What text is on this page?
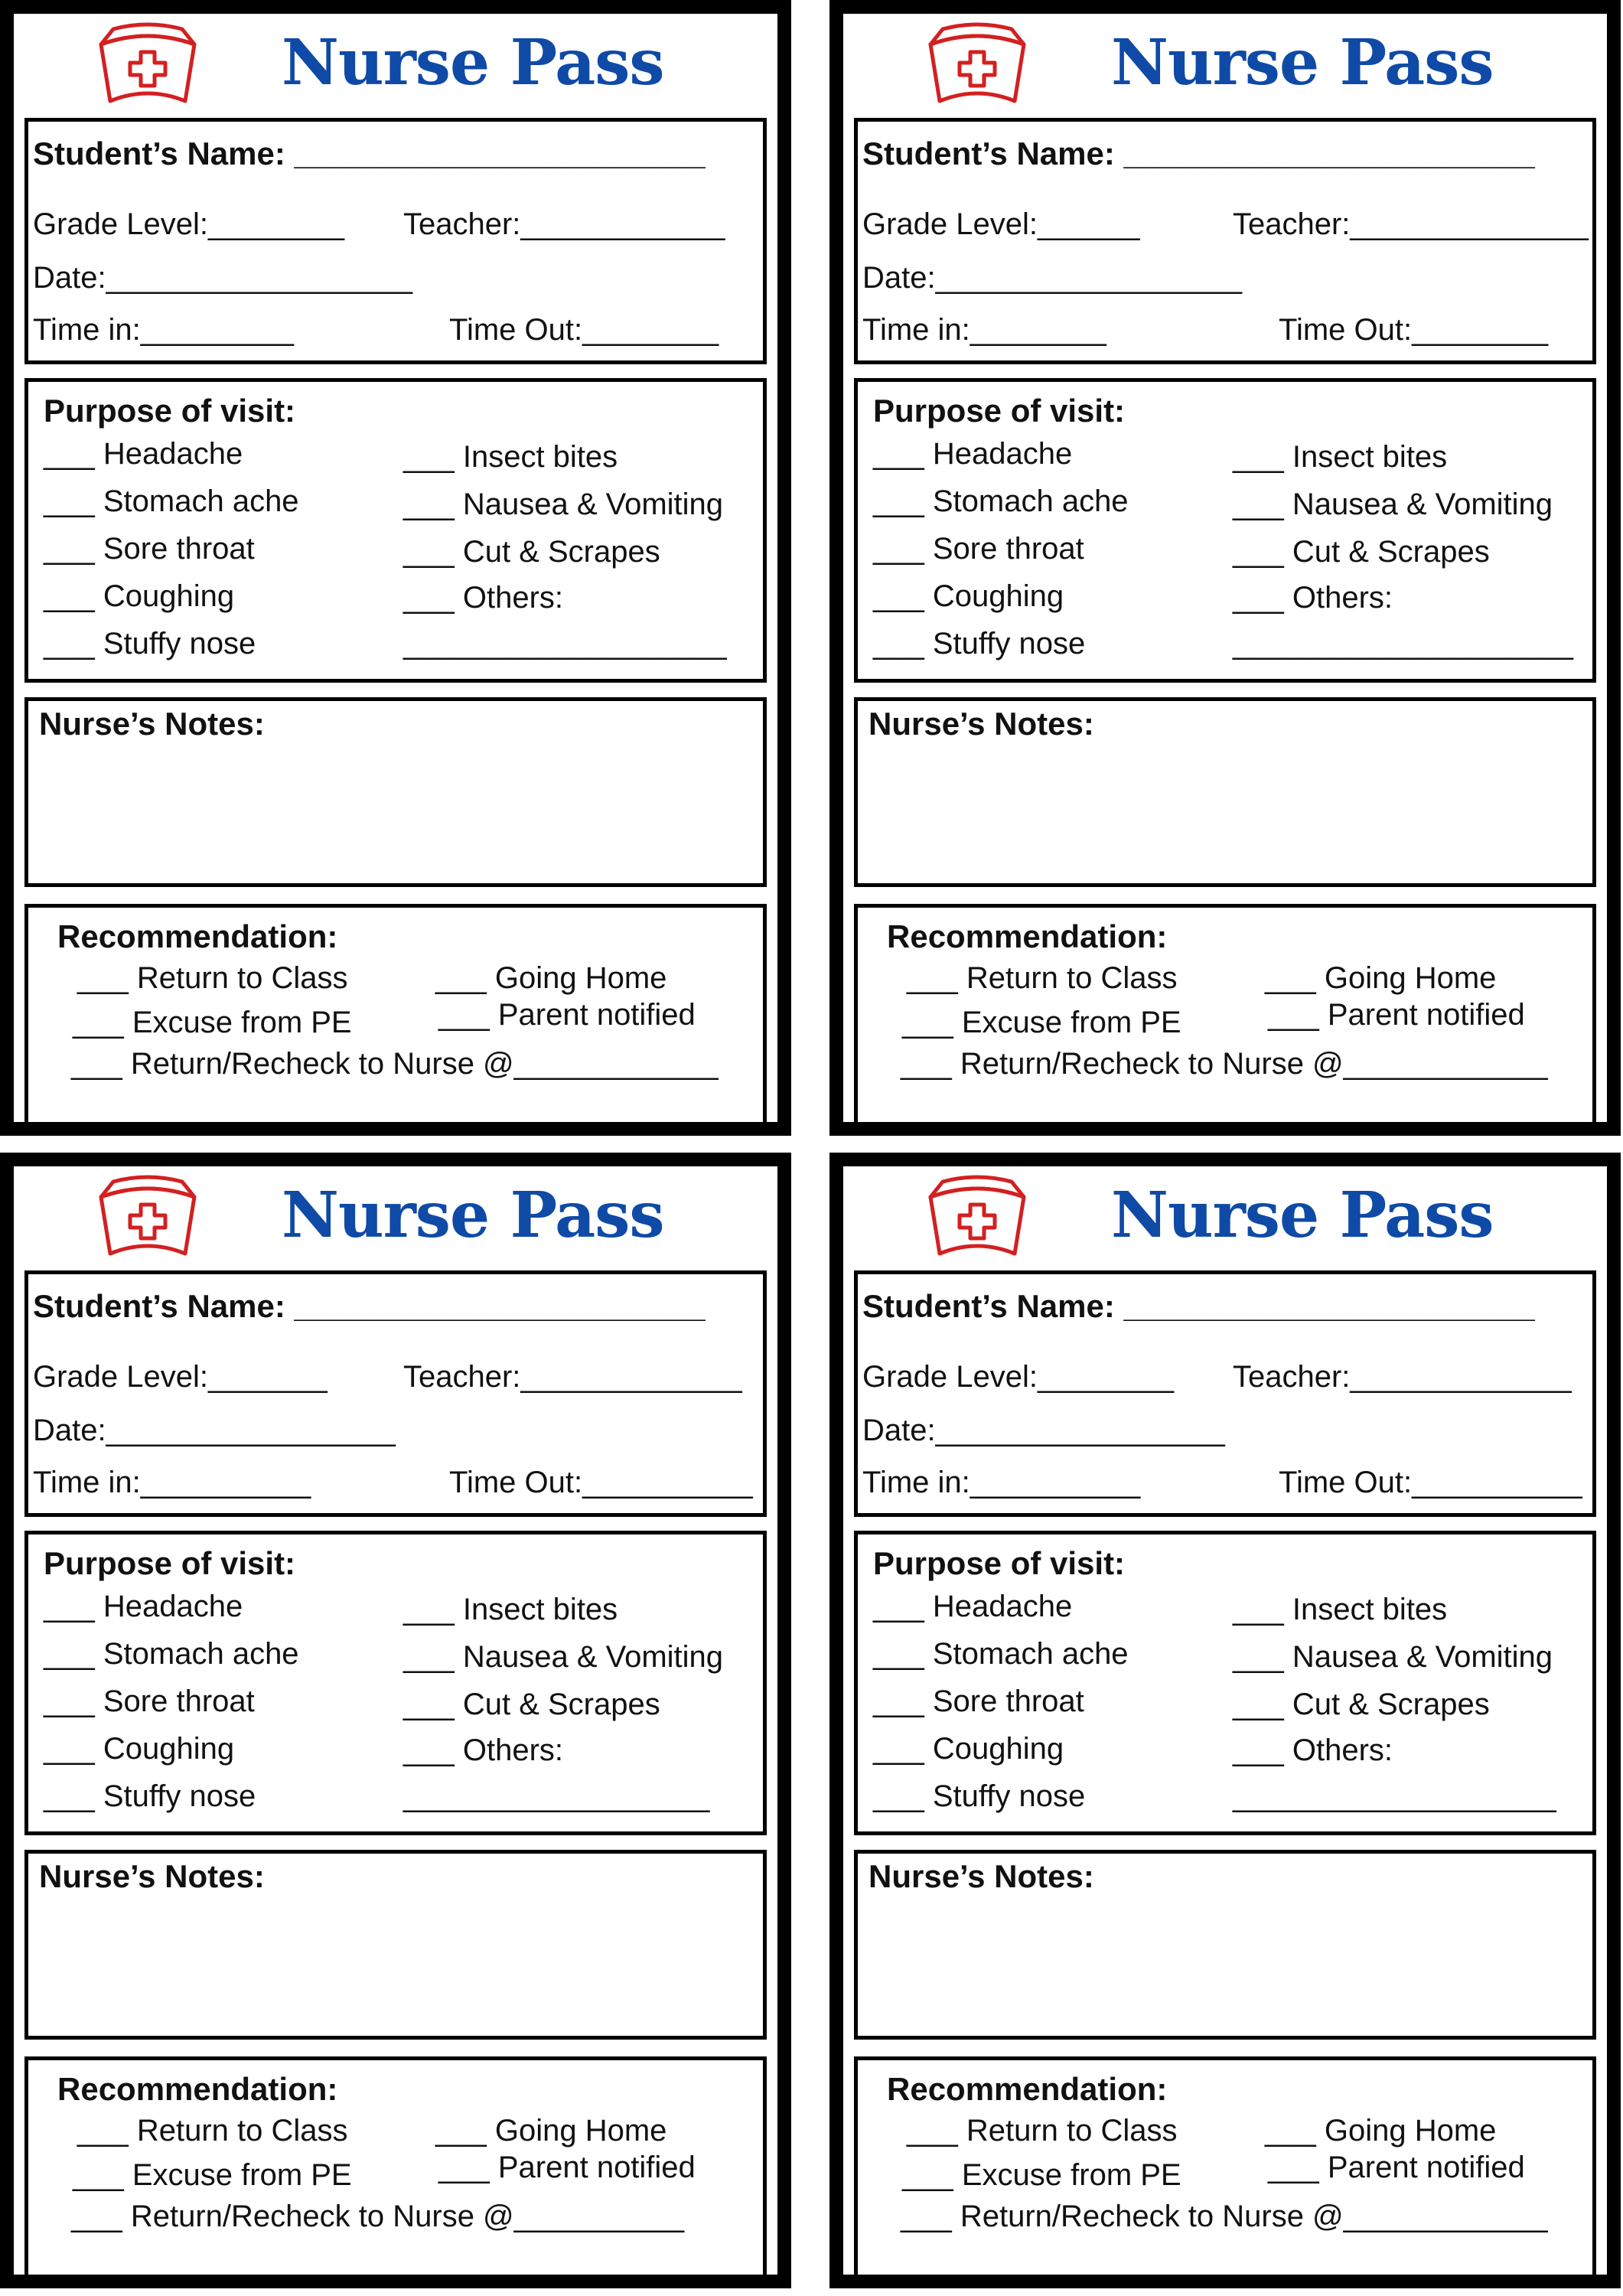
Nurse Pass
Student’s Name: _______________________
Grade Level:________ Teacher:____________
Date:__________________
Time in:_________	Time Out:________
Purpose of visit:
___ Headache
___ Stomach ache
___ Sore throat
___ Coughing
___ Stuffy nose
___ Insect bites
___ Nausea & Vomiting
___ Cut & Scrapes
___ Others:
___________________
Nurse’s Notes:
Recommendation:
___ Return to Class	___ Going Home
___ Excuse from PE	___ Parent notified
___ Return/Recheck to Nurse @____________
Nurse Pass
Student’s Name: _______________________
Grade Level:______	Teacher:______________
Date:__________________
Time in:________	Time Out:________
Purpose of visit:
___ Headache
___ Stomach ache
___ Sore throat
___ Coughing
___ Stuffy nose
___ Insect bites
___ Nausea & Vomiting
___ Cut & Scrapes
___ Others:
____________________
Nurse’s Notes:
Recommendation:
___ Return to Class	___ Going Home
___ Excuse from PE	___ Parent notified
___ Return/Recheck to Nurse @____________
Nurse Pass
Student’s Name: _______________________
Grade Level:_______ Teacher:_____________
Date:_________________
Time in:__________	Time Out:__________
Purpose of visit:
___ Headache
___ Stomach ache
___ Sore throat
___ Coughing
___ Stuffy nose
___ Insect bites
___ Nausea & Vomiting
___ Cut & Scrapes
___ Others:
__________________
Nurse’s Notes:
Recommendation:
___ Return to Class	___ Going Home
___ Excuse from PE	___ Parent notified
___ Return/Recheck to Nurse @__________
Nurse Pass
Student’s Name: _______________________
Grade Level:________ Teacher:_____________
Date:_________________
Time in:__________	Time Out:__________
Purpose of visit:
___ Headache
___ Stomach ache
___ Sore throat
___ Coughing
___ Stuffy nose
___ Insect bites
___ Nausea & Vomiting
___ Cut & Scrapes
___ Others:
___________________
Nurse’s Notes:
Recommendation:
___ Return to Class	___ Going Home
___ Excuse from PE	___ Parent notified
___ Return/Recheck to Nurse @____________
